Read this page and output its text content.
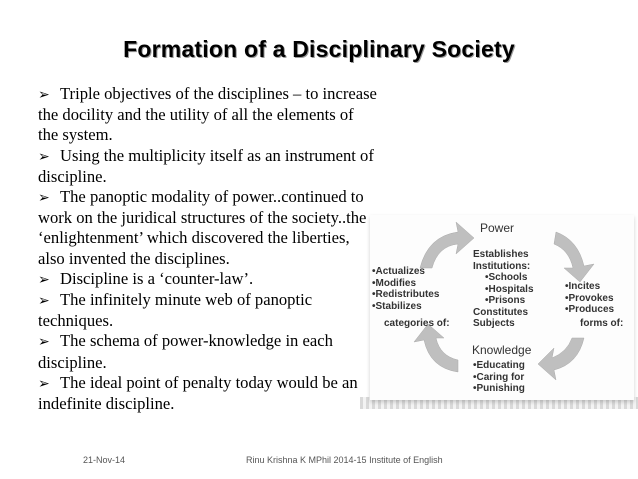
Formation of a Disciplinary Society

➢ Triple objectives of the disciplines – to increase
the docility and the utility of all the elements of
the system.

➢ Using the multiplicity itself as an instrument of
discipline.

➢ The panoptic modality of power..continued to
work on the juridical structures of the society..the
‘enlightenment’ which discovered the liberties,
also invented the disciplines.

➢ Discipline is a ‘counter-law’.

➢ The infinitely minute web of panoptic
techniques.

➢ The schema of power-knowledge in each
discipline.

➢ The ideal point of penalty today would be an
indefinite discipline.

Power
Establishes
Institutions:
•Schools
•Hospitals
•Prisons
Constitutes
Subjects
•Actualizes
•Modifies
•Redistributes
•Stabilizes
categories of:
•Incites
•Provokes
•Produces
forms of:
Knowledge
•Educating
•Caring for
•Punishing
21-Nov-14	Rinu Krishna K MPhil 2014-15 Institute of English
